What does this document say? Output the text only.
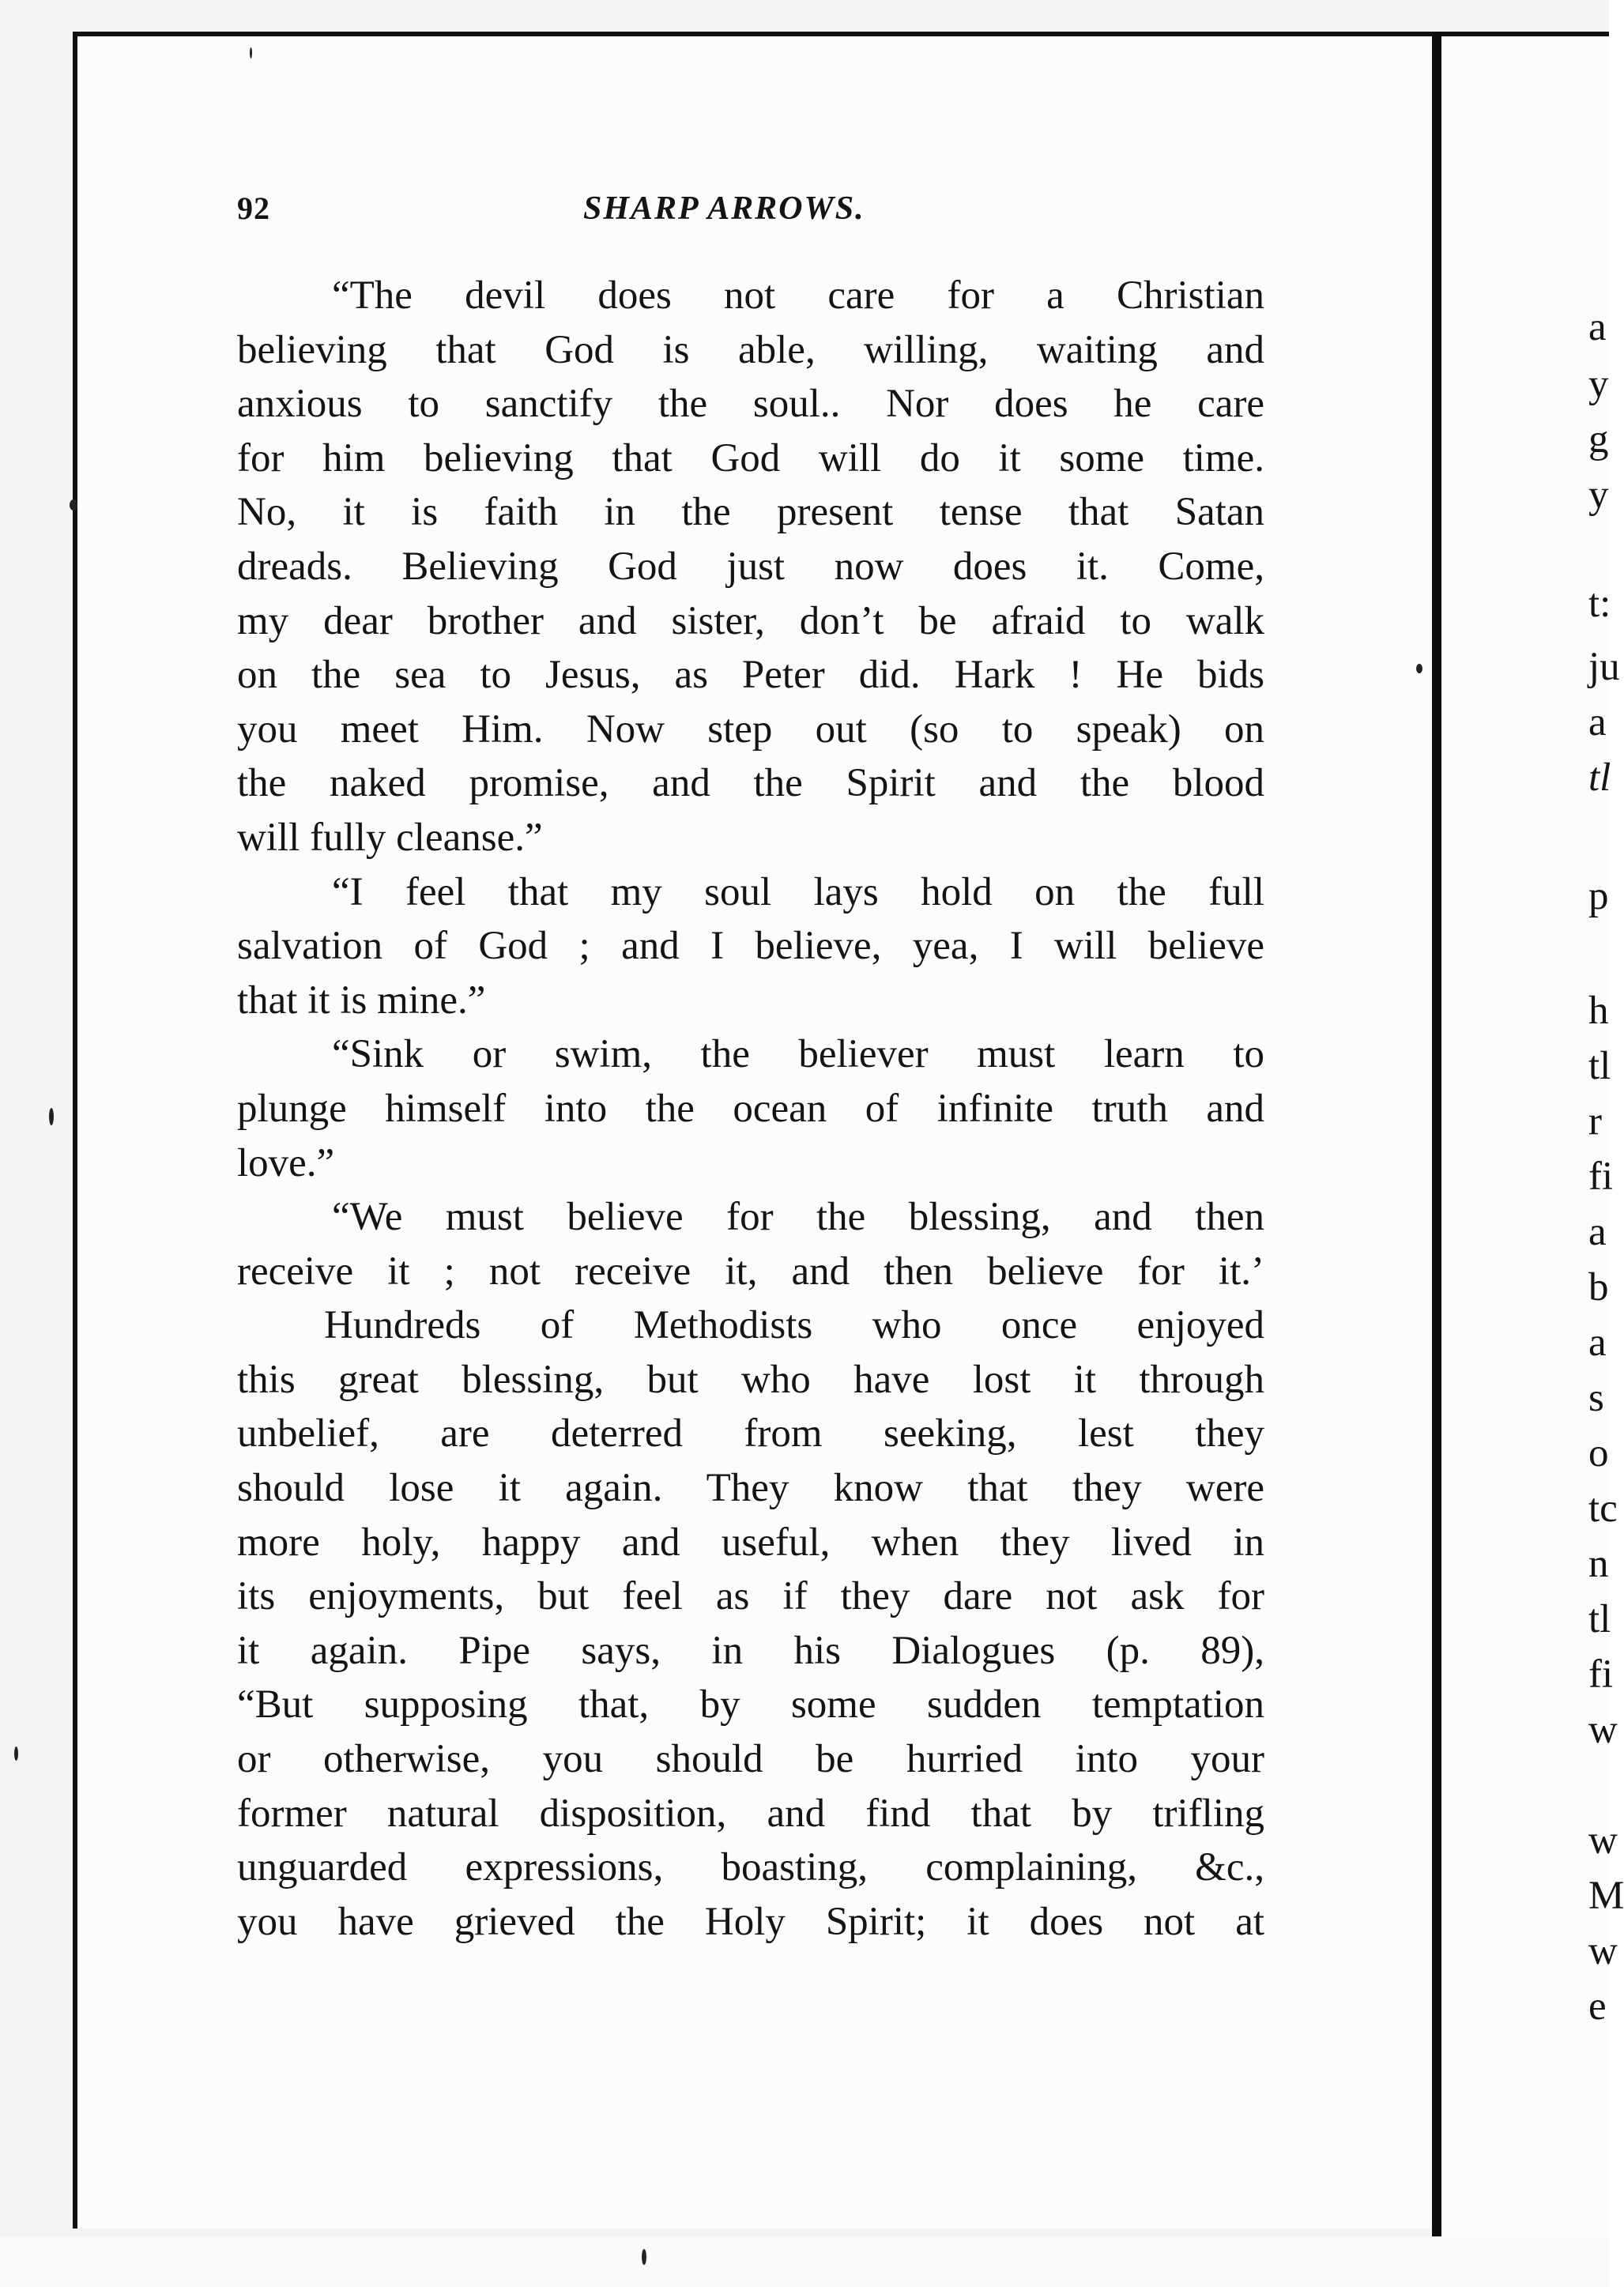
92	SHARP ARROWS.
“The devil does not care for a Christian
believing that God is able, willing, waiting and
anxious to sanctify the soul.. Nor does he care
for him believing that God will do it some time.
No, it is faith in the present tense that Satan
dreads. Believing God just now does it. Come,
my dear brother and sister, don’t be afraid to walk
on the sea to Jesus, as Peter did. Hark ! He bids
you meet Him. Now step out (so to speak) on
the naked promise, and the Spirit and the blood
will fully cleanse.”
“I feel that my soul lays hold on the full
salvation of God ; and I believe, yea, I will believe
that it is mine.”
“Sink or swim, the believer must learn to
plunge himself into the ocean of infinite truth and
love.”
“We must believe for the blessing, and then
receive it ; not receive it, and then believe for it.’
Hundreds of Methodists who once enjoyed
this great blessing, but who have lost it through
unbelief, are deterred from seeking, lest they
should lose it again. They know that they were
more holy, happy and useful, when they lived in
its enjoyments, but feel as if they dare not ask for
it again. Pipe says, in his Dialogues (p. 89),
“But supposing that, by some sudden temptation
or otherwise, you should be hurried into your
former natural disposition, and find that by trifling
unguarded expressions, boasting, complaining, &c.,
you have grieved the Holy Spirit; it does not at
a
y
g
y
t:
ju
a
tl
p
h
tl
r
fi
a
b
a
s
o
tc
n
tl
fi
w
w
M
w
e
